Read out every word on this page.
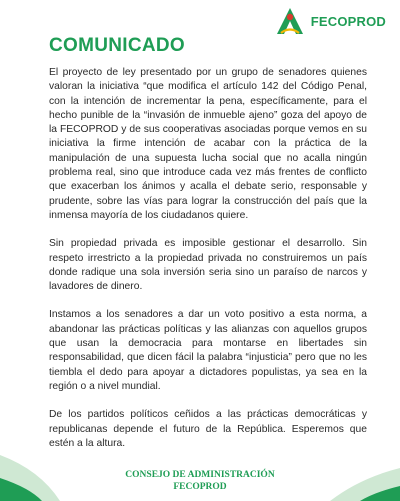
FECOPROD
COMUNICADO

El proyecto de ley presentado por un grupo de senadores quienes valoran la iniciativa “que modifica el artículo 142 del Código Penal, con la intención de incrementar la pena, específicamente, para el hecho punible de la “invasión de inmueble ajeno” goza del apoyo de la FECOPROD y de sus cooperativas asociadas porque vemos en su iniciativa la firme intención de acabar con la práctica de la manipulación de una supuesta lucha social que no acalla ningún problema real, sino que introduce cada vez más frentes de conflicto que exacerban los ánimos y acalla el debate serio, responsable y prudente, sobre las vías para lograr la construcción del país que la inmensa mayoría de los ciudadanos quiere.

Sin propiedad privada es imposible gestionar el desarrollo. Sin respeto irrestricto a la propiedad privada no construiremos un país donde radique una sola inversión seria sino un paraíso de narcos y lavadores de dinero.

Instamos a los senadores a dar un voto positivo a esta norma, a abandonar las prácticas políticas y las alianzas con aquellos grupos que usan la democracia para montarse en libertades sin responsabilidad, que dicen fácil la palabra “injusticia” pero que no les tiembla el dedo para apoyar a dictadores populistas, ya sea en la región o a nivel mundial.

De los partidos políticos ceñidos a las prácticas democráticas y republicanas depende el futuro de la República. Esperemos que estén a la altura.

CONSEJO DE ADMINISTRACIÓN
FECOPROD
